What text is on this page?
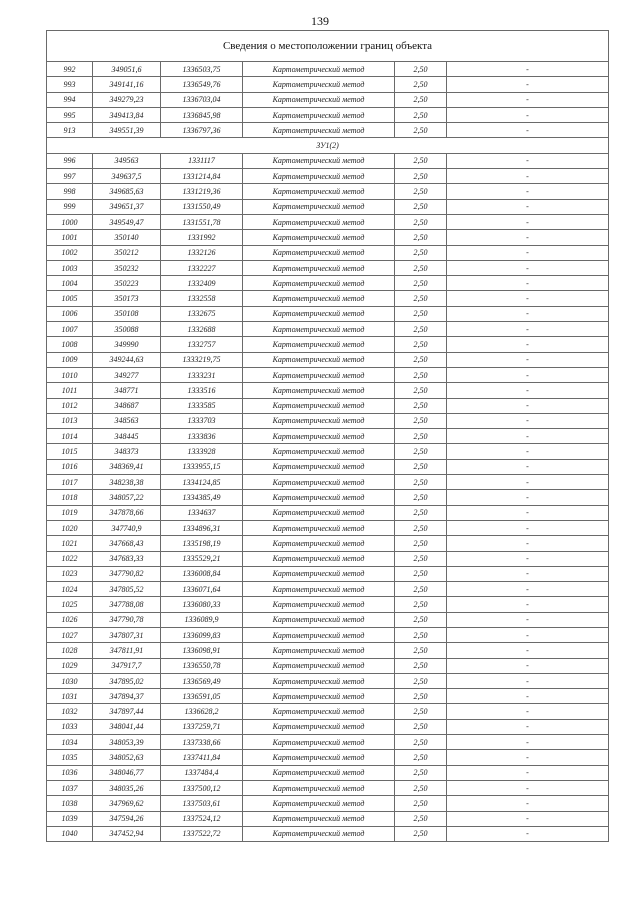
139
Сведения о местоположении границ объекта					
992	349051,6	1336503,75	Картометрический метод	2,50	-
993	349141,16	1336549,76	Картометрический метод	2,50	-
994	349279,23	1336703,04	Картометрический метод	2,50	-
995	349413,84	1336845,98	Картометрический метод	2,50	-
913	349551,39	1336797,36	Картометрический метод	2,50	-
ЗУ1(2)					
996	349563	1331117	Картометрический метод	2,50	-
997	349637,5	1331214,84	Картометрический метод	2,50	-
998	349685,63	1331219,36	Картометрический метод	2,50	-
999	349651,37	1331550,49	Картометрический метод	2,50	-
1000	349549,47	1331551,78	Картометрический метод	2,50	-
1001	350140	1331992	Картометрический метод	2,50	-
1002	350212	1332126	Картометрический метод	2,50	-
1003	350232	1332227	Картометрический метод	2,50	-
1004	350223	1332409	Картометрический метод	2,50	-
1005	350173	1332558	Картометрический метод	2,50	-
1006	350108	1332675	Картометрический метод	2,50	-
1007	350088	1332688	Картометрический метод	2,50	-
1008	349990	1332757	Картометрический метод	2,50	-
1009	349244,63	1333219,75	Картометрический метод	2,50	-
1010	349277	1333231	Картометрический метод	2,50	-
1011	348771	1333516	Картометрический метод	2,50	-
1012	348687	1333585	Картометрический метод	2,50	-
1013	348563	1333703	Картометрический метод	2,50	-
1014	348445	1333836	Картометрический метод	2,50	-
1015	348373	1333928	Картометрический метод	2,50	-
1016	348369,41	1333955,15	Картометрический метод	2,50	-
1017	348238,38	1334124,85	Картометрический метод	2,50	-
1018	348057,22	1334385,49	Картометрический метод	2,50	-
1019	347878,66	1334637	Картометрический метод	2,50	-
1020	347740,9	1334896,31	Картометрический метод	2,50	-
1021	347668,43	1335198,19	Картометрический метод	2,50	-
1022	347683,33	1335529,21	Картометрический метод	2,50	-
1023	347790,82	1336008,84	Картометрический метод	2,50	-
1024	347805,52	1336071,64	Картометрический метод	2,50	-
1025	347788,08	1336080,33	Картометрический метод	2,50	-
1026	347790,78	1336089,9	Картометрический метод	2,50	-
1027	347807,31	1336099,83	Картометрический метод	2,50	-
1028	347811,91	1336098,91	Картометрический метод	2,50	-
1029	347917,7	1336550,78	Картометрический метод	2,50	-
1030	347895,02	1336569,49	Картометрический метод	2,50	-
1031	347894,37	1336591,05	Картометрический метод	2,50	-
1032	347897,44	1336628,2	Картометрический метод	2,50	-
1033	348041,44	1337259,71	Картометрический метод	2,50	-
1034	348053,39	1337338,66	Картометрический метод	2,50	-
1035	348052,63	1337411,84	Картометрический метод	2,50	-
1036	348046,77	1337484,4	Картометрический метод	2,50	-
1037	348035,26	1337500,12	Картометрический метод	2,50	-
1038	347969,62	1337503,61	Картометрический метод	2,50	-
1039	347594,26	1337524,12	Картометрический метод	2,50	-
1040	347452,94	1337522,72	Картометрический метод	2,50	-
